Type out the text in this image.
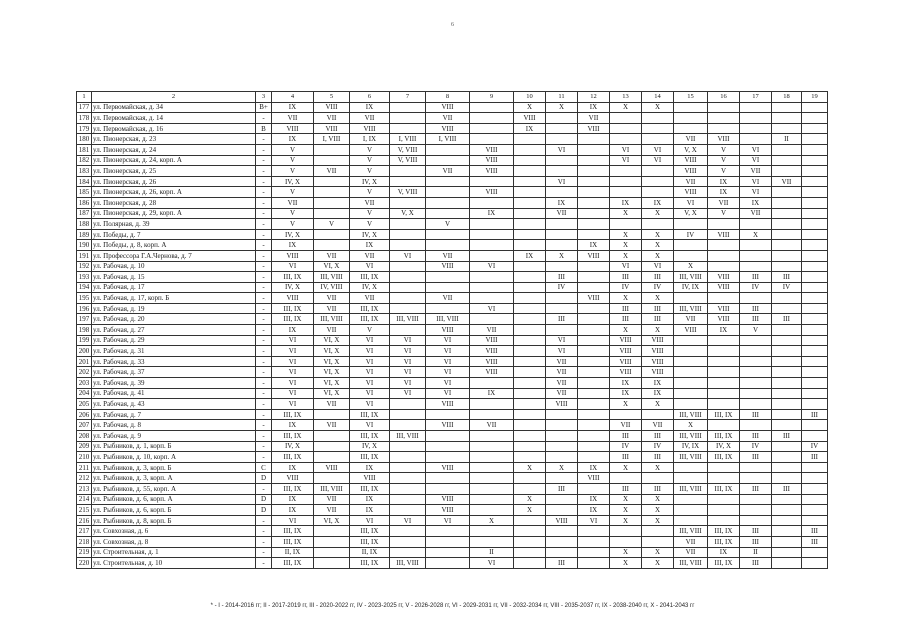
6
1	2	3	4	5	6	7	8	9	10	11	12	13	14	15	16	17	18	19
177	ул. Первомайская, д. 34	B+	IX	VIII	IX		VIII		X	X	IX	X	X					
178	ул. Первомайская, д. 14	-	VII	VII	VII		VII		VIII		VII							
179	ул. Первомайская, д. 16	B	VIII	VIII	VIII		VIII		IX		VIII							
180	ул. Пионерская, д. 23	-	IX	I, VIII	I, IX	I, VIII	I, VIII							VII	VIII		II	
181	ул. Пионерская, д. 24	-	V		V	V, VIII		VIII		VI		VI	VI	V, X	V	VI		
182	ул. Пионерская, д. 24, корп. А	-	V		V	V, VIII		VIII				VI	VI	VIII	V	VI		
183	ул. Пионерская, д. 25	-	V	VII	V		VII	VIII						VIII	V	VII		
184	ул. Пионерская, д. 26	-	IV, X		IV, X					VI				VII	IX	VI	VII	
185	ул. Пионерская, д. 26, корп. А	-	V		V	V, VIII		VIII						VIII	IX	VI		
186	ул. Пионерская, д. 28	-	VII		VII					IX		IX	IX	VI	VII	IX		
187	ул. Пионерская, д. 29, корп. А	-	V		V	V, X		IX		VII		X	X	V, X	V	VII		
188	ул. Полярная, д. 39	-	V	V	V		V											
189	ул. Победы, д. 7	-	IV, X		IV, X							X	X	IV	VIII	X		
190	ул. Победы, д. 8, корп. А	-	IX		IX						IX	X	X					
191	ул. Профессора Г.А.Чернова, д. 7	-	VIII	VII	VII	VI	VII		IX	X	VIII	X	X					
192	ул. Рабочая, д. 10	-	VI	VI, X	VI		VIII	VI				VI	VI	X				
193	ул. Рабочая, д. 15	-	III, IX	III, VIII	III, IX					III		III	III	III, VIII	VIII	III	III	
194	ул. Рабочая, д. 17	-	IV, X	IV, VIII	IV, X					IV		IV	IV	IV, IX	VIII	IV	IV	
195	ул. Рабочая, д. 17, корп. Б	-	VIII	VII	VII		VII				VIII	X	X					
196	ул. Рабочая, д. 19	-	III, IX	VII	III, IX			VI				III	III	III, VIII	VIII	III		
197	ул. Рабочая, д. 20	-	III, IX	III, VIII	III, IX	III, VIII	III, VIII			III		III	III	VII	VIII	III	III	
198	ул. Рабочая, д. 27	-	IX	VII	V		VIII	VII				X	X	VIII	IX	V		
199	ул. Рабочая, д. 29	-	VI	VI, X	VI	VI	VI	VIII		VI		VIII	VIII					
200	ул. Рабочая, д. 31	-	VI	VI, X	VI	VI	VI	VIII		VI		VIII	VIII					
201	ул. Рабочая, д. 33	-	VI	VI, X	VI	VI	VI	VIII		VII		VIII	VIII					
202	ул. Рабочая, д. 37	-	VI	VI, X	VI	VI	VI	VIII		VII		VIII	VIII					
203	ул. Рабочая, д. 39	-	VI	VI, X	VI	VI	VI			VII		IX	IX					
204	ул. Рабочая, д. 41	-	VI	VI, X	VI	VI	VI	IX		VII		IX	IX					
205	ул. Рабочая, д. 43	-	VI	VII	VI		VIII			VIII		X	X					
206	ул. Рабочая, д. 7	-	III, IX		III, IX									III, VIII	III, IX	III		III
207	ул. Рабочая, д. 8	-	IX	VII	VI		VIII	VII				VII	VII	X				
208	ул. Рабочая, д. 9	-	III, IX		III, IX	III, VIII						III	III	III, VIII	III, IX	III	III	
209	ул. Рыбников, д. 1, корп. Б	-	IV, X		IV, X							IV	IV	IV, IX	IV, X	IV		IV
210	ул. Рыбников, д. 10, корп. А	-	III, IX		III, IX							III	III	III, VIII	III, IX	III		III
211	ул. Рыбников, д. 3, корп. Б	C	IX	VIII	IX		VIII		X	X	IX	X	X					
212	ул. Рыбников, д. 3, корп. А	D	VIII		VIII						VIII							
213	ул. Рыбников, д. 55, корп. А	-	III, IX	III, VIII	III, IX					III		III	III	III, VIII	III, IX	III	III	
214	ул. Рыбников, д. 6, корп. А	D	IX	VII	IX		VIII		X		IX	X	X					
215	ул. Рыбников, д. 6, корп. Б	D	IX	VII	IX		VIII		X		IX	X	X					
216	ул. Рыбников, д. 8, корп. Б	-	VI	VI, X	VI	VI	VI	X		VIII	VI	X	X					
217	ул. Совхозная, д. 6	-	III, IX		III, IX									III, VIII	III, IX	III		III
218	ул. Совхозная, д. 8	-	III, IX		III, IX									VII	III, IX	III		III
219	ул. Строительная, д. 1	-	II, IX		II, IX			II				X	X	VII	IX	II		
220	ул. Строительная, д. 10	-	III, IX		III, IX	III, VIII		VI		III		X	X	III, VIII	III, IX	III		
* - I - 2014-2016 гг; II - 2017-2019 гг, III - 2020-2022 гг, IV - 2023-2025 гг, V - 2026-2028 гг, VI - 2029-2031 гг, VII - 2032-2034 гг, VIII - 2035-2037 гг, IX - 2038-2040 гг, X - 2041-2043 гг
